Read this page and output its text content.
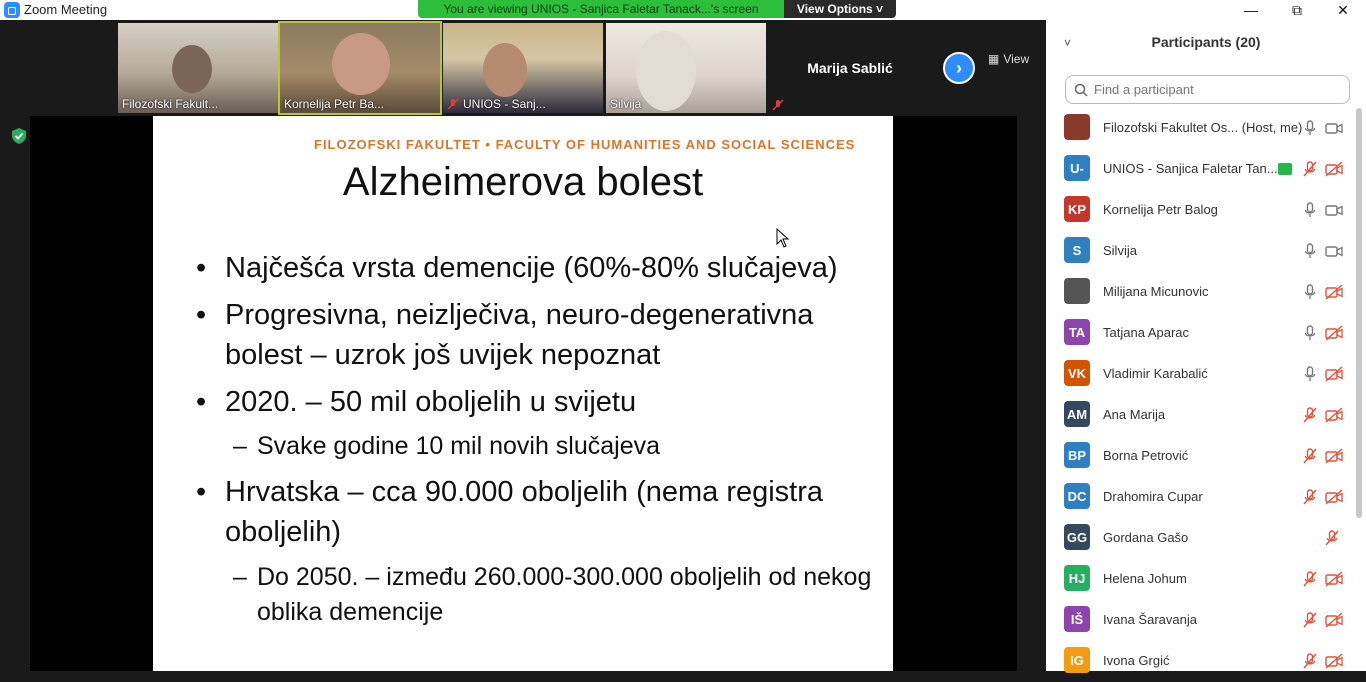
Zoom Meeting	—	⧉	✕
You are viewing UNIOS - Sanjica Faletar Tanack...'s screen	View Options ˅
Filozofski Fakult...	Kornelija Petr Ba...	UNIOS - Sanj...	Silvija
Marija Sablić
▦ View
›
FILOZOFSKI FAKULTET • FACULTY OF HUMANITIES AND SOCIAL SCIENCES
Alzheimerova bolest
• Najčešća vrsta demencije (60%-80% slučajeva)
• Progresivna, neizlječiva, neuro-degenerativna bolest – uzrok još uvijek nepoznat
• 2020. – 50 mil oboljelih u svijetu
– Svake godine 10 mil novih slučajeva
• Hrvatska – cca 90.000 oboljelih (nema registra oboljelih)
– Do 2050. – između 260.000-300.000 oboljelih od nekog oblika demencije
˅	Participants (20)
Find a participant
Filozofski Fakultet Os... (Host, me)
U-	UNIOS - Sanjica Faletar Tan...
KP	Kornelija Petr Balog
S	Silvija
Milijana Micunovic
TA	Tatjana Aparac
VK	Vladimir Karabalić
AM Ana Marija
BP	Borna Petrović
DC Drahomira Cupar
GG Gordana Gašo
HJ	Helena Johum
IŠ	Ivana Šaravanja
IG	Ivona Grgić
